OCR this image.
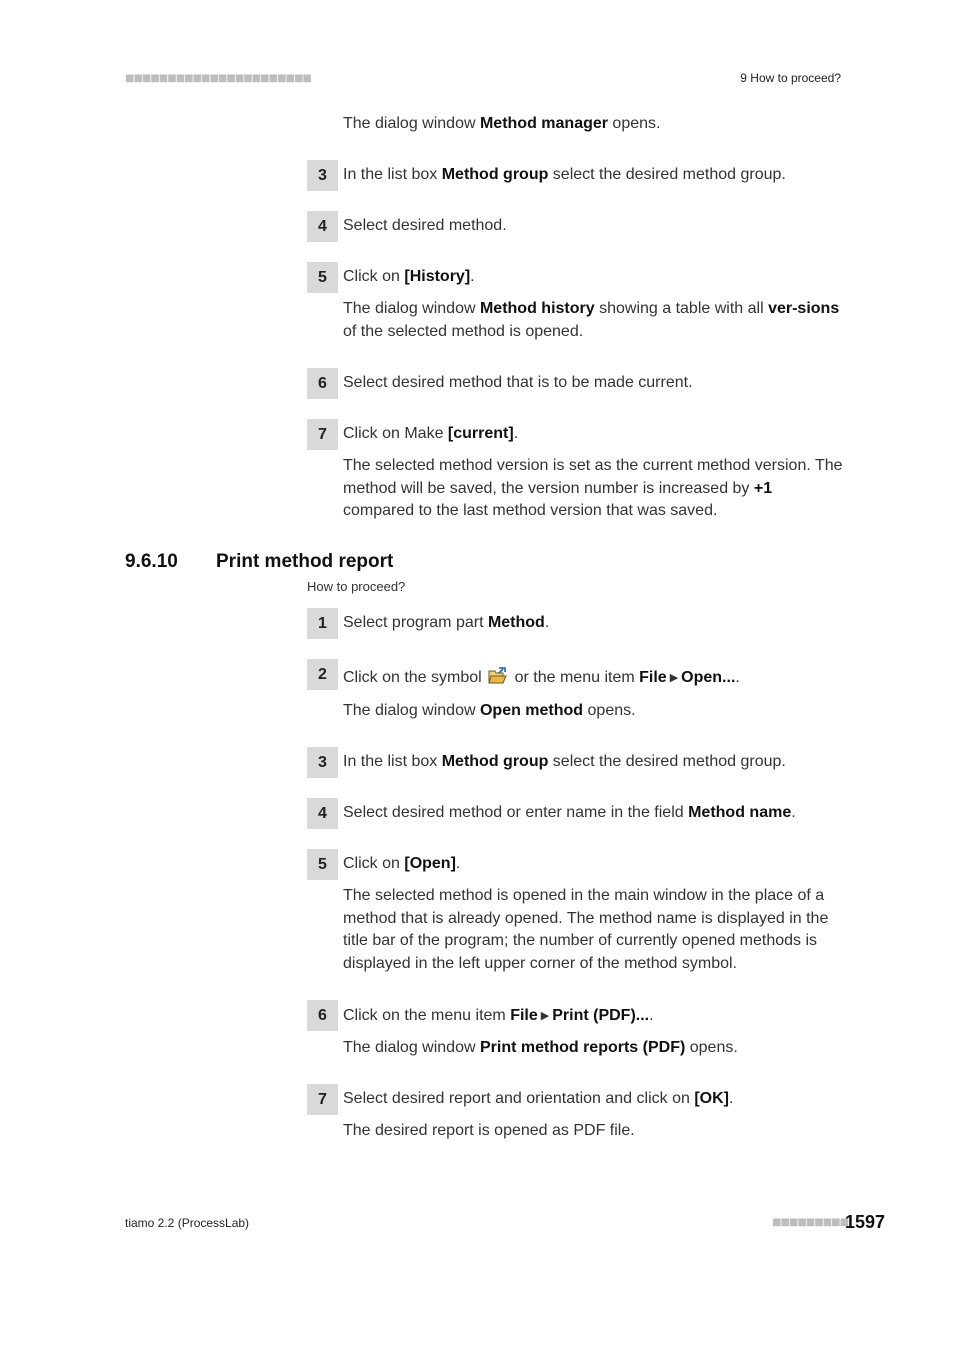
■■■■■■■■■■■■■■■■■■■■■■	9 How to proceed?
The dialog window Method manager opens.
3	In the list box Method group select the desired method group.
4	Select desired method.
5	Click on [History].
The dialog window Method history showing a table with all ver-sions of the selected method is opened.
6	Select desired method that is to be made current.
7	Click on Make [current].
The selected method version is set as the current method version. The method will be saved, the version number is increased by +1 compared to the last method version that was saved.
9.6.10 Print method report
How to proceed?
1	Select program part Method.
2	Click on the symbol  or the menu item File ▶ Open....
The dialog window Open method opens.
3	In the list box Method group select the desired method group.
4	Select desired method or enter name in the field Method name.
5	Click on [Open].
The selected method is opened in the main window in the place of a method that is already opened. The method name is displayed in the title bar of the program; the number of currently opened methods is displayed in the left upper corner of the method symbol.
6	Click on the menu item File ▶ Print (PDF)....
The dialog window Print method reports (PDF) opens.
7	Select desired report and orientation and click on [OK].
The desired report is opened as PDF file.
tiamo 2.2 (ProcessLab)	■■■■■■■■■
1597
